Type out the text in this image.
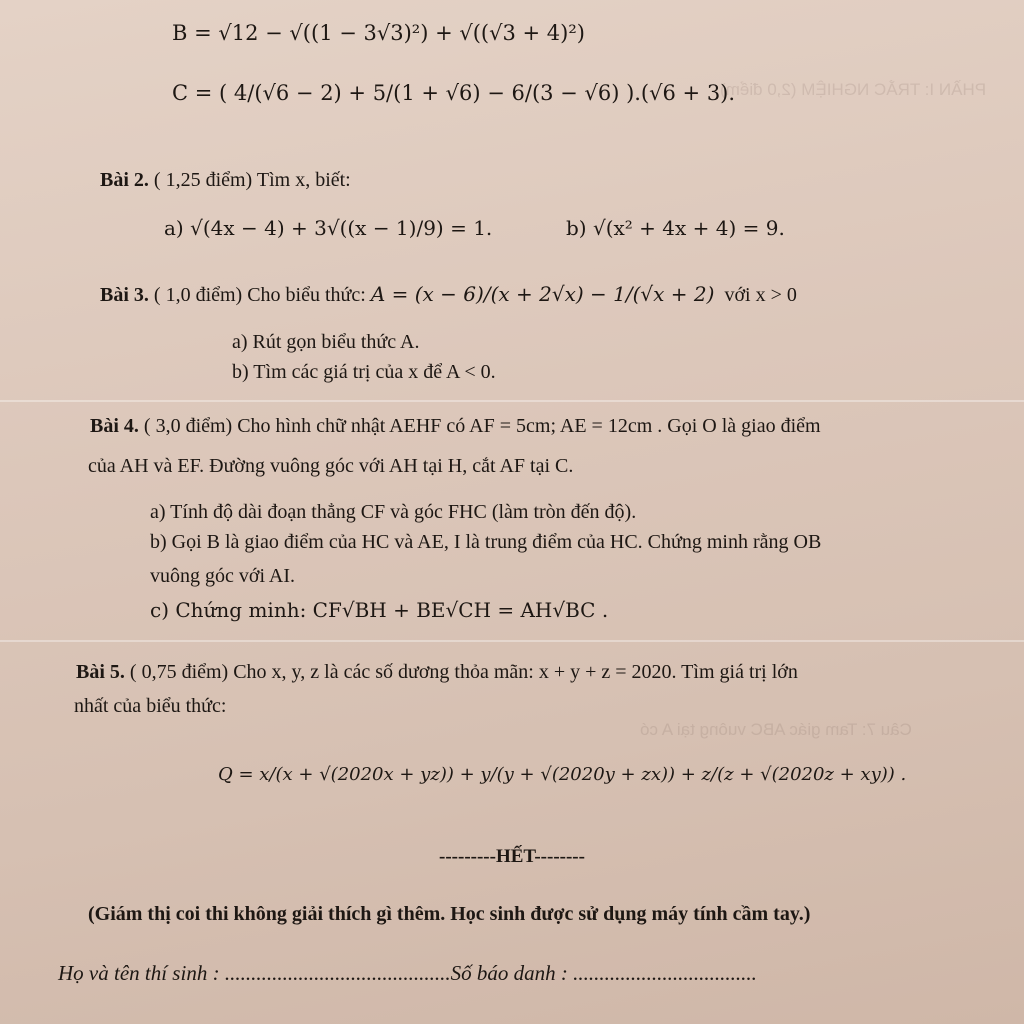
PHẦN I: TRẮC NGHIỆM (2,0 điểm)
Câu 7: Tam giác ABC vuông tại A có
B = √12 − √((1 − 3√3)²) + √((√3 + 4)²)
C = ( 4/(√6 − 2) + 5/(1 + √6) − 6/(3 − √6) ).(√6 + 3).
Bài 2. ( 1,25 điểm) Tìm x, biết:
a) √(4x − 4) + 3√((x − 1)/9) = 1.	b) √(x² + 4x + 4) = 9.
Bài 3. ( 1,0 điểm) Cho biểu thức: A = (x − 6)/(x + 2√x) − 1/(√x + 2) với x > 0
a) Rút gọn biểu thức A.
b) Tìm các giá trị của x để A < 0.
Bài 4. ( 3,0 điểm) Cho hình chữ nhật AEHF có AF = 5cm; AE = 12cm . Gọi O là giao điểm
của AH và EF. Đường vuông góc với AH tại H, cắt AF tại C.
a) Tính độ dài đoạn thẳng CF và góc FHC (làm tròn đến độ).
b) Gọi B là giao điểm của HC và AE, I là trung điểm của HC. Chứng minh rằng OB
vuông góc với AI.
c) Chứng minh: CF√BH + BE√CH = AH√BC .
Bài 5. ( 0,75 điểm) Cho x, y, z là các số dương thỏa mãn: x + y + z = 2020. Tìm giá trị lớn
nhất của biểu thức:
Q = x/(x + √(2020x + yz)) + y/(y + √(2020y + zx)) + z/(z + √(2020z + xy)) .
---------HẾT--------
(Giám thị coi thi không giải thích gì thêm. Học sinh được sử dụng máy tính cầm tay.)
Họ và tên thí sinh : ...........................................Số báo danh : ...................................
